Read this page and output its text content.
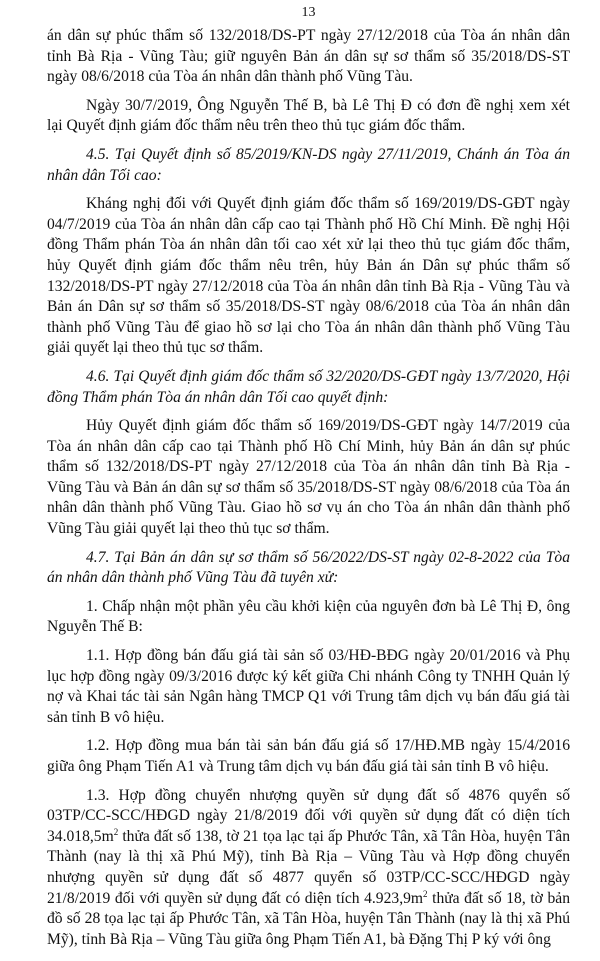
13

án dân sự phúc thẩm số 132/2018/DS-PT ngày 27/12/2018 của Tòa án nhân dân tỉnh Bà Rịa - Vũng Tàu; giữ nguyên Bản án dân sự sơ thẩm số 35/2018/DS-ST ngày 08/6/2018 của Tòa án nhân dân thành phố Vũng Tàu.

Ngày 30/7/2019, Ông Nguyễn Thế B, bà Lê Thị Đ có đơn đề nghị xem xét lại Quyết định giám đốc thẩm nêu trên theo thủ tục giám đốc thẩm.

4.5. Tại Quyết định số 85/2019/KN-DS ngày 27/11/2019, Chánh án Tòa án nhân dân Tối cao:

Kháng nghị đối với Quyết định giám đốc thẩm số 169/2019/DS-GĐT ngày 04/7/2019 của Tòa án nhân dân cấp cao tại Thành phố Hồ Chí Minh. Đề nghị Hội đồng Thẩm phán Tòa án nhân dân tối cao xét xử lại theo thủ tục giám đốc thẩm, hủy Quyết định giám đốc thẩm nêu trên, hủy Bản án Dân sự phúc thẩm số 132/2018/DS-PT ngày 27/12/2018 của Tòa án nhân dân tỉnh Bà Rịa - Vũng Tàu và Bản án Dân sự sơ thẩm số 35/2018/DS-ST ngày 08/6/2018 của Tòa án nhân dân thành phố Vũng Tàu để giao hồ sơ lại cho Tòa án nhân dân thành phố Vũng Tàu giải quyết lại theo thủ tục sơ thẩm.

4.6. Tại Quyết định giám đốc thẩm số 32/2020/DS-GĐT ngày 13/7/2020, Hội đồng Thẩm phán Tòa án nhân dân Tối cao quyết định:

Hủy Quyết định giám đốc thẩm số 169/2019/DS-GĐT ngày 14/7/2019 của Tòa án nhân dân cấp cao tại Thành phố Hồ Chí Minh, hủy Bản án dân sự phúc thẩm số 132/2018/DS-PT ngày 27/12/2018 của Tòa án nhân dân tỉnh Bà Rịa - Vũng Tàu và Bản án dân sự sơ thẩm số 35/2018/DS-ST ngày 08/6/2018 của Tòa án nhân dân thành phố Vũng Tàu. Giao hồ sơ vụ án cho Tòa án nhân dân thành phố Vũng Tàu giải quyết lại theo thủ tục sơ thẩm.

4.7. Tại Bản án dân sự sơ thẩm số 56/2022/DS-ST ngày 02-8-2022 của Tòa án nhân dân thành phố Vũng Tàu đã tuyên xử:

1. Chấp nhận một phần yêu cầu khởi kiện của nguyên đơn bà Lê Thị Đ, ông Nguyễn Thế B:

1.1. Hợp đồng bán đấu giá tài sản số 03/HĐ-BĐG ngày 20/01/2016 và Phụ lục hợp đồng ngày 09/3/2016 được ký kết giữa Chi nhánh Công ty TNHH Quản lý nợ và Khai tác tài sản Ngân hàng TMCP Q1 với Trung tâm dịch vụ bán đấu giá tài sản tỉnh B vô hiệu.

1.2. Hợp đồng mua bán tài sản bán đấu giá số 17/HĐ.MB ngày 15/4/2016 giữa ông Phạm Tiến A1 và Trung tâm dịch vụ bán đấu giá tài sản tỉnh B vô hiệu.

1.3. Hợp đồng chuyển nhượng quyền sử dụng đất số 4876 quyển số 03TP/CC-SCC/HĐGD ngày 21/8/2019 đối với quyền sử dụng đất có diện tích $34.018,5m^2$ thửa đất số 138, tờ 21 tọa lạc tại ấp Phước Tân, xã Tân Hòa, huyện Tân Thành (nay là thị xã Phú Mỹ), tỉnh Bà Rịa – Vũng Tàu và Hợp đồng chuyển nhượng quyền sử dụng đất số 4877 quyển số 03TP/CC-SCC/HĐGD ngày 21/8/2019 đối với quyền sử dụng đất có diện tích $4.923,9m^2$ thửa đất số 18, tờ bản đồ số 28 tọa lạc tại ấp Phước Tân, xã Tân Hòa, huyện Tân Thành (nay là thị xã Phú Mỹ), tỉnh Bà Rịa – Vũng Tàu giữa ông Phạm Tiến A1, bà Đặng Thị P ký với ông
